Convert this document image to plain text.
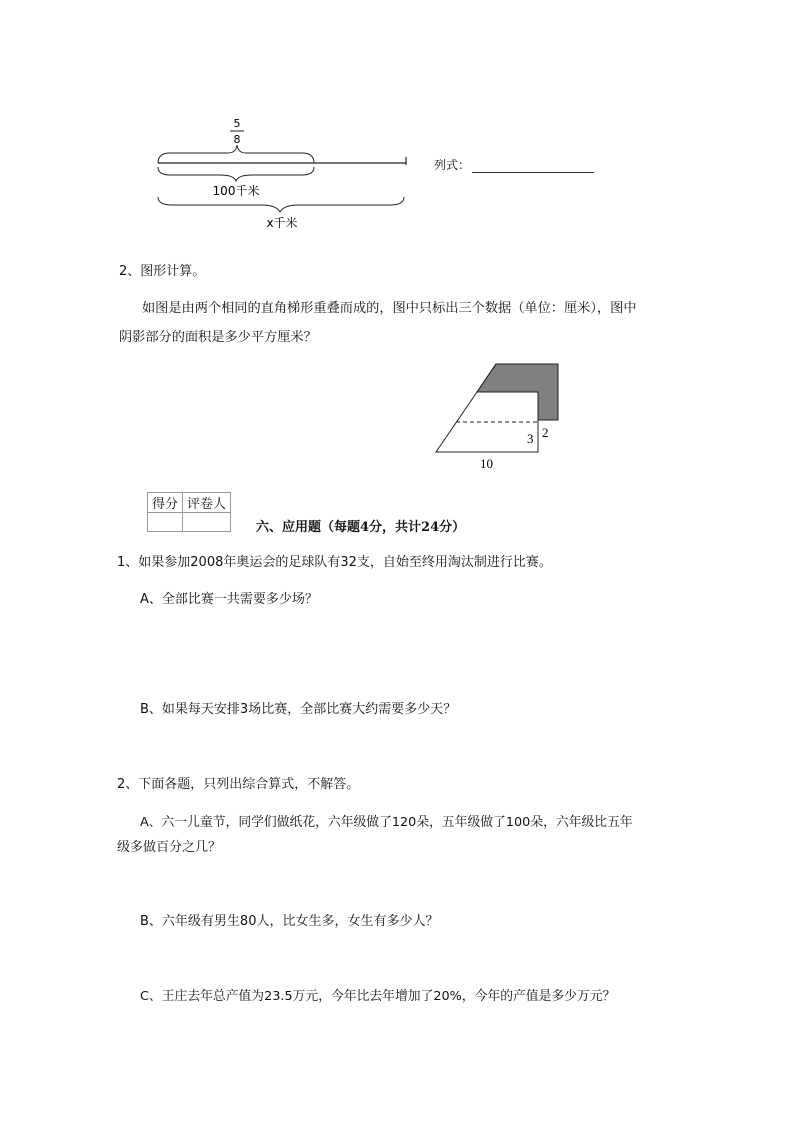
5
8
100千米
x千米
列式：
2、图形计算。
如图是由两个相同的直角梯形重叠而成的，图中只标出三个数据（单位：厘米），图中
阴影部分的面积是多少平方厘米？
3 2
10
得分	评卷人

六、应用题（每题4分，共计24分）
1、如果参加2008年奥运会的足球队有32支，自始至终用淘汰制进行比赛。
A、全部比赛一共需要多少场？
B、如果每天安排3场比赛，全部比赛大约需要多少天？
2、下面各题，只列出综合算式，不解答。
A、六一儿童节，同学们做纸花，六年级做了120朵，五年级做了100朵，六年级比五年
级多做百分之几？
B、六年级有男生80人，比女生多，女生有多少人？
C、王庄去年总产值为23.5万元，今年比去年增加了20%，今年的产值是多少万元？
